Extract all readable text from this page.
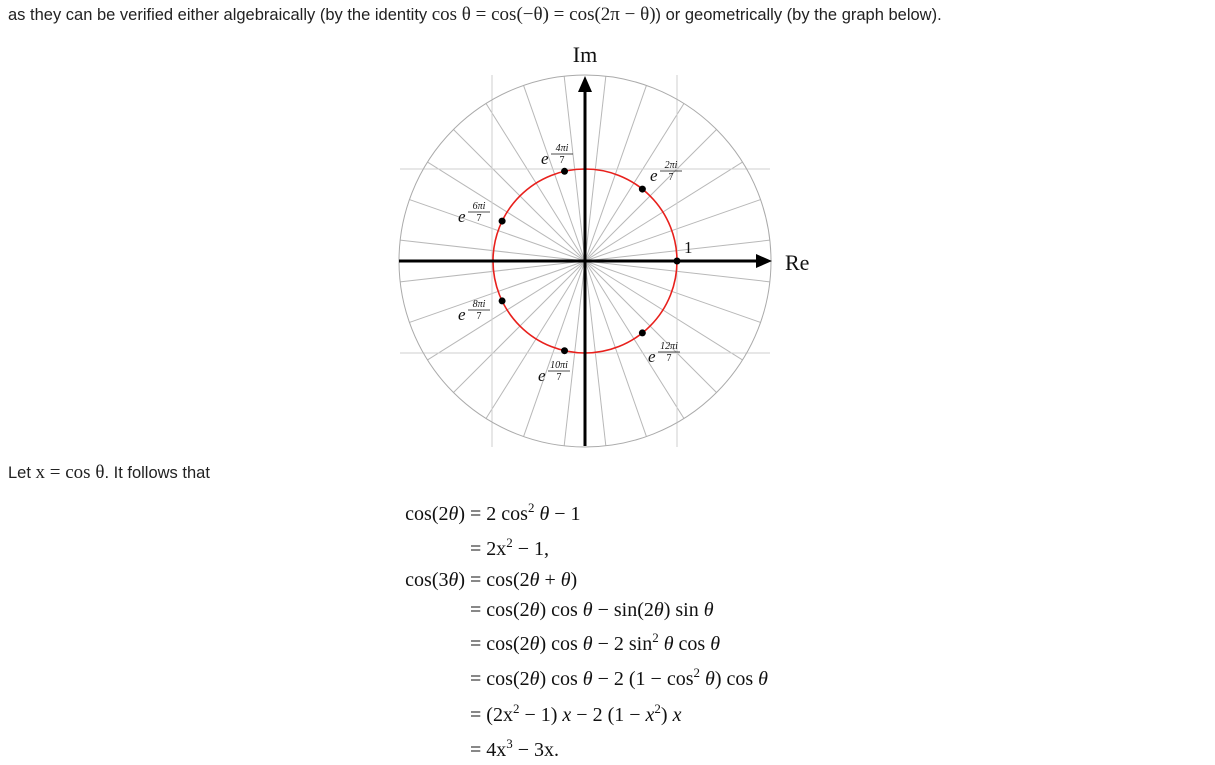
as they can be verified either algebraically (by the identity cos θ = cos(−θ) = cos(2π − θ)) or geometrically (by the graph below).
Im
Re
1
e
2πi
7
e
4πi
7
e
6πi
7
e
8πi
7
e
10πi
7
e
12πi
7
Let x = cos θ. It follows that
cos(2θ) = 2 $\cos^2 \theta - 1$
= $2x^2 - 1$,
cos(3θ) = cos(2θ + θ)
= cos(2θ) cos θ − sin(2θ) sin θ
= cos(2θ) cos θ − 2 $\sin^2 \theta$ cos θ
= cos(2θ) cos θ − 2 $(1 - \cos^2 \theta)$ cos θ
= $(2x^2 - 1) x - 2$ $(1 - x^2)$ x
= $4x^3 - 3x$.
